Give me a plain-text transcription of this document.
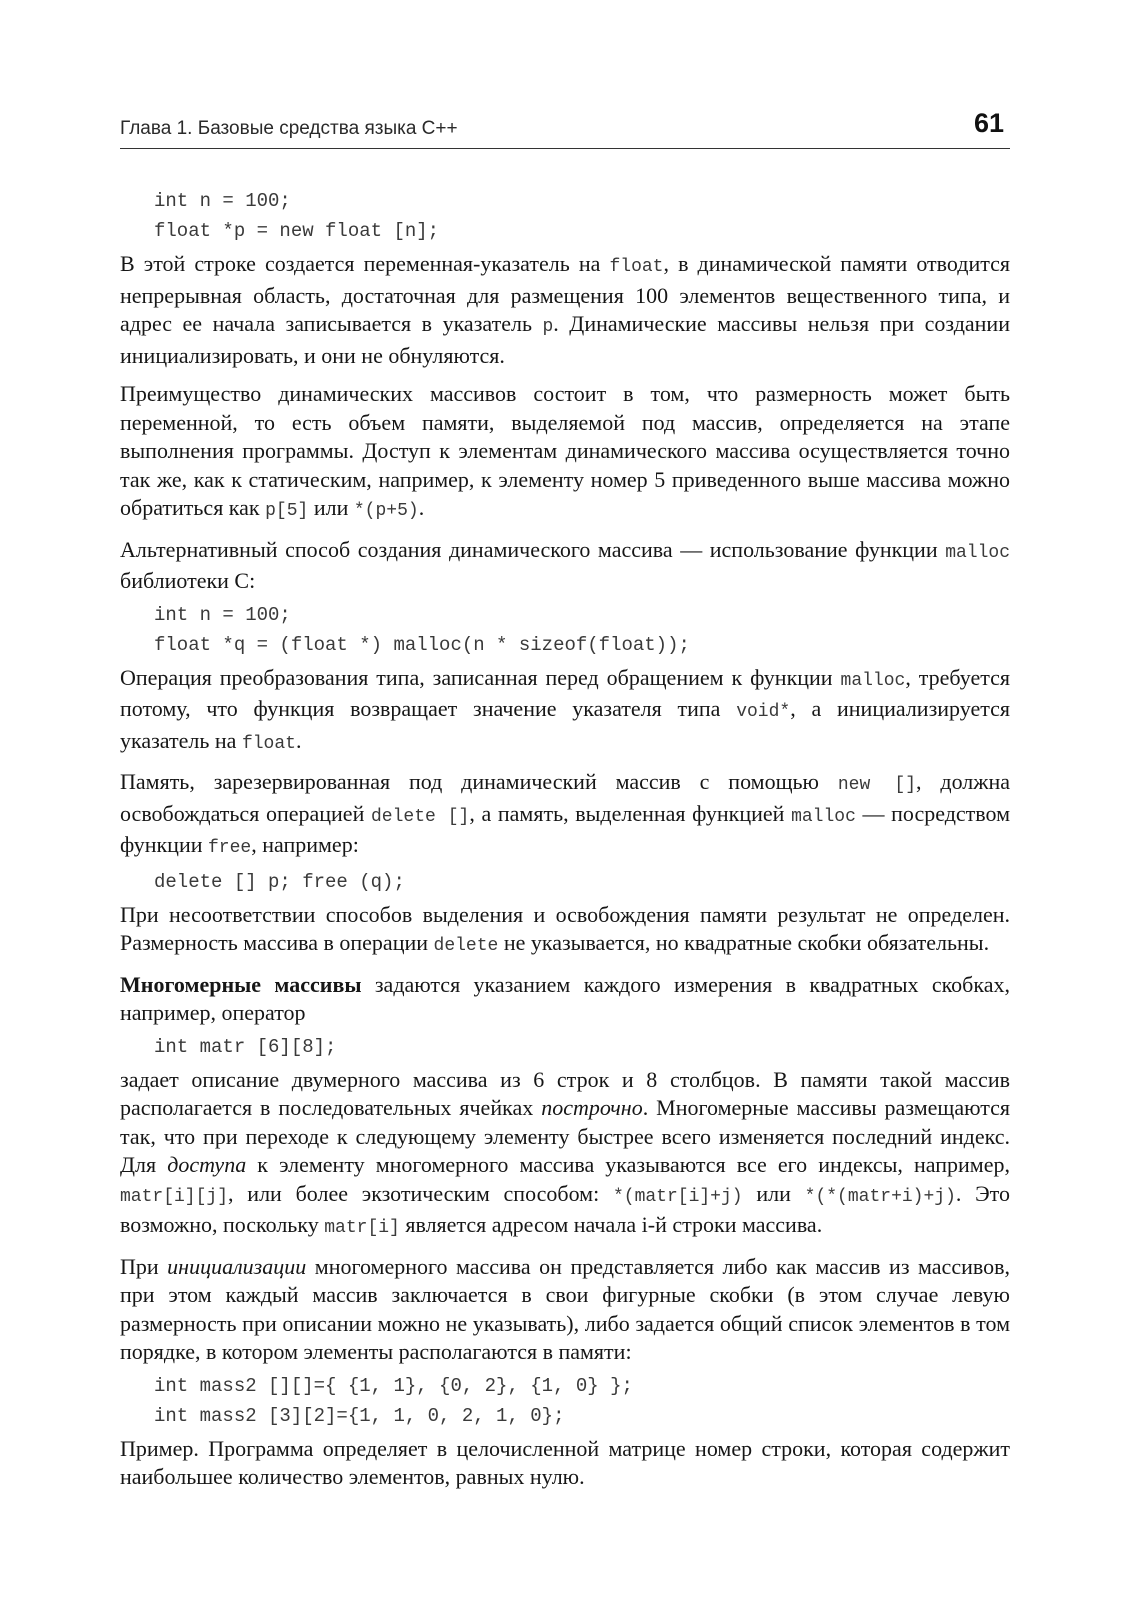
Глава 1. Базовые средства языка С++	61
int n = 100;
float *p = new float [n];

В этой строке создается переменная-указатель на float, в динамической памяти отводится непрерывная область, достаточная для размещения 100 элементов вещественного типа, и адрес ее начала записывается в указатель p. Динамические массивы нельзя при создании инициализировать, и они не обнуляются.

Преимущество динамических массивов состоит в том, что размерность может быть переменной, то есть объем памяти, выделяемой под массив, определяется на этапе выполнения программы. Доступ к элементам динамического массива осуществляется точно так же, как к статическим, например, к элементу номер 5 приведенного выше массива можно обратиться как p[5] или *(p+5).

Альтернативный способ создания динамического массива — использование функции malloc библиотеки С:

int n = 100;
float *q = (float *) malloc(n * sizeof(float));

Операция преобразования типа, записанная перед обращением к функции malloc, требуется потому, что функция возвращает значение указателя типа void*, а инициализируется указатель на float.

Память, зарезервированная под динамический массив с помощью new [], должна освобождаться операцией delete [], а память, выделенная функцией malloc — посредством функции free, например:

delete [] p; free (q);

При несоответствии способов выделения и освобождения памяти результат не определен. Размерность массива в операции delete не указывается, но квадратные скобки обязательны.

Многомерные массивы задаются указанием каждого измерения в квадратных скобках, например, оператор

int matr [6][8];

задает описание двумерного массива из 6 строк и 8 столбцов. В памяти такой массив располагается в последовательных ячейках построчно. Многомерные массивы размещаются так, что при переходе к следующему элементу быстрее всего изменяется последний индекс. Для доступа к элементу многомерного массива указываются все его индексы, например, matr[i][j], или более экзотическим способом: *(matr[i]+j) или *(*(matr+i)+j). Это возможно, поскольку matr[i] является адресом начала i-й строки массива.

При инициализации многомерного массива он представляется либо как массив из массивов, при этом каждый массив заключается в свои фигурные скобки (в этом случае левую размерность при описании можно не указывать), либо задается общий список элементов в том порядке, в котором элементы располагаются в памяти:

int mass2 [][]={ {1, 1}, {0, 2}, {1, 0} };
int mass2 [3][2]={1, 1, 0, 2, 1, 0};

Пример. Программа определяет в целочисленной матрице номер строки, которая содержит наибольшее количество элементов, равных нулю.
